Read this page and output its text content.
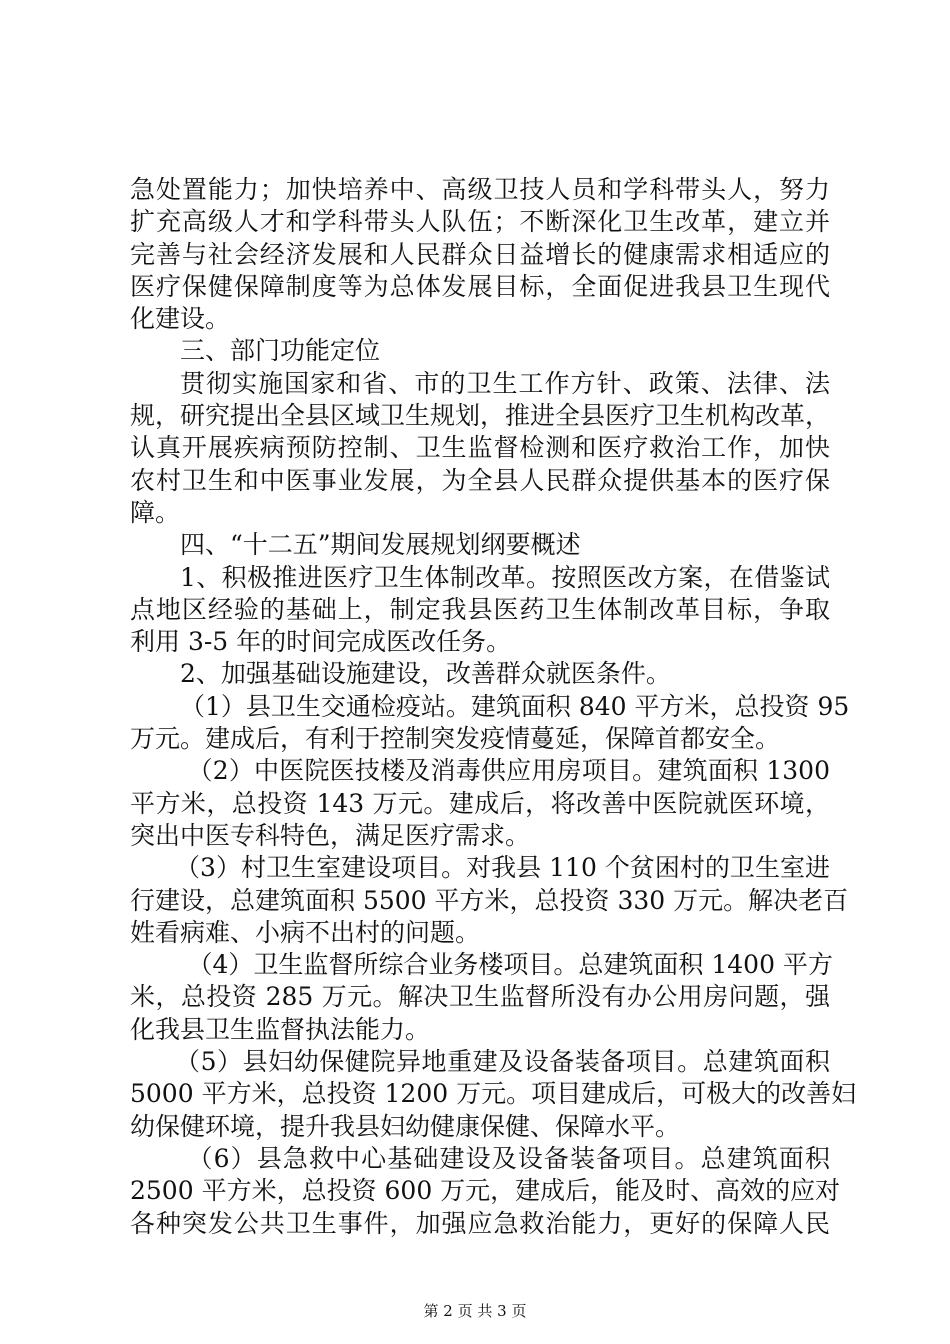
急处置能力；加快培养中、高级卫技人员和学科带头人，努力
扩充高级人才和学科带头人队伍；不断深化卫生改革，建立并
完善与社会经济发展和人民群众日益增长的健康需求相适应的
医疗保健保障制度等为总体发展目标，全面促进我县卫生现代
化建设。
三、部门功能定位
贯彻实施国家和省、市的卫生工作方针、政策、法律、法
规，研究提出全县区域卫生规划，推进全县医疗卫生机构改革，
认真开展疾病预防控制、卫生监督检测和医疗救治工作，加快
农村卫生和中医事业发展，为全县人民群众提供基本的医疗保
障。
四、“十二五”期间发展规划纲要概述
1、积极推进医疗卫生体制改革。按照医改方案，在借鉴试
点地区经验的基础上，制定我县医药卫生体制改革目标，争取
利用 3-5 年的时间完成医改任务。
2、加强基础设施建设，改善群众就医条件。
（1）县卫生交通检疫站。建筑面积 840 平方米，总投资 95
万元。建成后，有利于控制突发疫情蔓延，保障首都安全。
（2）中医院医技楼及消毒供应用房项目。建筑面积 1300
平方米，总投资 143 万元。建成后，将改善中医院就医环境，
突出中医专科特色，满足医疗需求。
（3）村卫生室建设项目。对我县 110 个贫困村的卫生室进
行建设，总建筑面积 5500 平方米，总投资 330 万元。解决老百
姓看病难、小病不出村的问题。
（4）卫生监督所综合业务楼项目。总建筑面积 1400 平方
米，总投资 285 万元。解决卫生监督所没有办公用房问题，强
化我县卫生监督执法能力。
（5）县妇幼保健院异地重建及设备装备项目。总建筑面积
5000 平方米，总投资 1200 万元。项目建成后，可极大的改善妇
幼保健环境，提升我县妇幼健康保健、保障水平。
（6）县急救中心基础建设及设备装备项目。总建筑面积
2500 平方米，总投资 600 万元，建成后，能及时、高效的应对
各种突发公共卫生事件，加强应急救治能力，更好的保障人民
第 2 页 共 3 页
